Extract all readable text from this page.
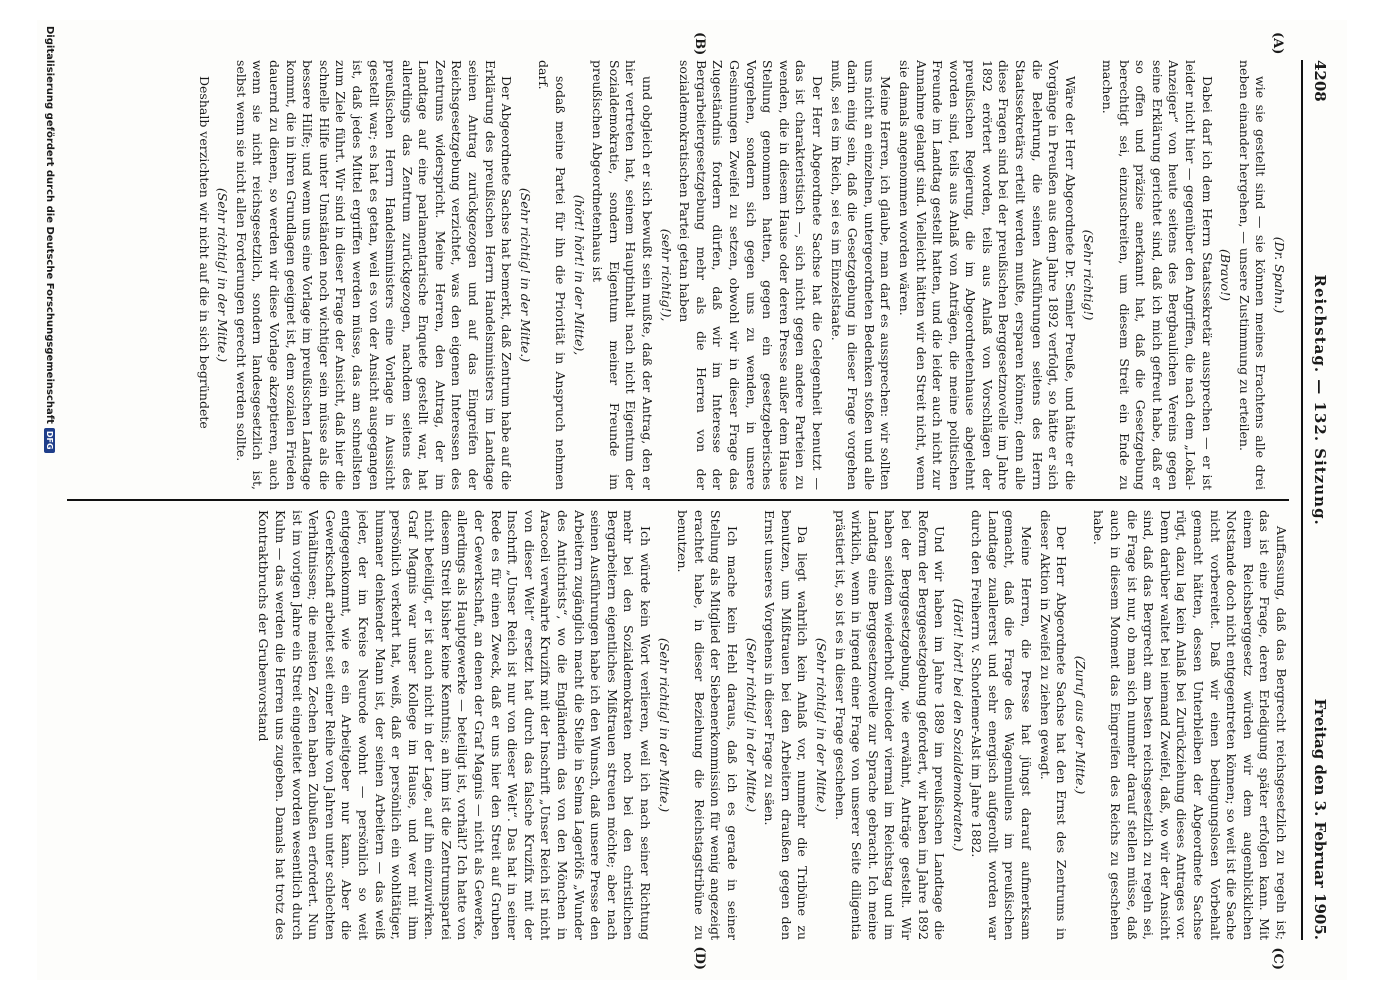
4208
Reichstag. — 132. Sitzung.
Freitag den 3. Februar 1905.
(A)
(B)
(C)
(D)

(Dr. Spahn.)

wie sie gestellt sind — sie können meines Erachtens alle drei neben einander hergehen, — unsere Zustimmung zu erteilen.

(Bravo!)

Dabei darf ich dem Herrn Staatssekretär aussprechen — er ist leider nicht hier — gegenüber den Angriffen, die nach dem „Lokal-Anzeiger“ von heute seitens des Bergbaulichen Vereins gegen seine Erklärung gerichtet sind, daß ich mich gefreut habe, daß er so offen und präzise anerkannt hat, daß die Gesetzgebung berechtigt sei, einzuschreiten, um diesem Streit ein Ende zu machen.

(Sehr richtig!)

Wäre der Herr Abgeordnete Dr. Semler Preuße, und hätte er die Vorgänge in Preußen aus dem Jahre 1892 verfolgt, so hätte er sich die Belehrung, die seinen Ausführungen seitens des Herrn Staatssekretärs erteilt werden mußte, ersparen können; denn alle diese Fragen sind bei der preußischen Berggesetznovelle im Jahre 1892 erörtert worden, teils aus Anlaß von Vorschlägen der preußischen Regierung, die im Abgeordnetenhause abgelehnt worden sind, teils aus Anlaß von Anträgen, die meine politischen Freunde im Landtag gestellt hatten, und die leider auch nicht zur Annahme gelangt sind. Vielleicht hätten wir den Streit nicht, wenn sie damals angenommen worden wären.

Meine Herren, ich glaube, man darf es aussprechen: wir sollten uns nicht an einzelnen, untergeordneten Bedenken stoßen und alle darin einig sein, daß die Gesetzgebung in dieser Frage vorgehen muß, sei es im Reich, sei es im Einzelstaate.

Der Herr Abgeordnete Sachse hat die Gelegenheit benutzt — das ist charakteristisch —, sich nicht gegen andere Parteien zu wenden, die in diesem Hause oder deren Presse außer dem Hause Stellung genommen hatten, gegen ein gesetzgeberisches Vorgehen, sondern sich gegen uns zu wenden, in unsere Gesinnungen Zweifel zu setzen, obwohl wir in dieser Frage das Zugeständnis fordern dürfen, daß wir im Interesse der Bergarbeitergesetzgebung mehr als die Herren von der sozialdemokratischen Partei getan haben

(sehr richtig!),

und obgleich er sich bewußt sein mußte, daß der Antrag, den er hier vertreten hat, seinem Hauptinhalt nach nicht Eigentum der Sozialdemokratie, sondern Eigentum meiner Freunde im preußischen Abgeordnetenhaus ist

(hört! hört! in der Mitte),

sodaß meine Partei für ihn die Priorität in Anspruch nehmen darf.

(Sehr richtig! in der Mitte.)

Der Abgeordnete Sachse hat bemerkt, daß Zentrum habe auf die Erklärung des preußischen Herrn Handelsministers im Landtage seinen Antrag zurückgezogen und auf das Eingreifen der Reichsgesetzgebung verzichtet, was den eigenen Interessen des Zentrums widerspricht. Meine Herren, den Antrag, der im Landtage auf eine parlamentarische Enquete gestellt war, hat allerdings das Zentrum zurückgezogen, nachdem seitens des preußischen Herrn Handelsministers eine Vorlage in Aussicht gestellt war; es hat es getan, weil es von der Ansicht ausgegangen ist, daß jedes Mittel ergriffen werden müsse, das am schnellsten zum Ziele führt. Wir sind in dieser Frage der Ansicht, daß hier die schnelle Hilfe unter Umständen noch wichtiger sein müsse als die bessere Hilfe; und wenn uns eine Vorlage im preußischen Landtage kommt, die in ihren Grundlagen geeignet ist, dem sozialen Frieden dauernd zu dienen, so werden wir diese Vorlage akzeptieren, auch wenn sie nicht reichsgesetzlich, sondern landesgesetzlich ist, selbst wenn sie nicht allen Forderungen gerecht werden sollte.

(Sehr richtig! in der Mitte.)

Deshalb verzichten wir nicht auf die in sich begründete

Auffassung, daß das Bergrecht reichsgesetzlich zu regeln ist; das ist eine Frage, deren Erledigung später erfolgen kann. Mit einem Reichsberggesetz würden wir dem augenblicklichen Notstande doch nicht entgegentreten können; so weit ist die Sache nicht vorbereitet. Daß wir einen bedingungslosen Vorbehalt gemacht hätten, dessen Unterbleiben der Abgeordnete Sachse rügt, dazu lag kein Anlaß bei Zurückziehung dieses Antrages vor. Denn darüber waltet bei niemand Zweifel, daß, wo wir der Ansicht sind, daß das Bergrecht am besten reichsgesetzlich zu regeln sei, die Frage ist nur, ob man sich nunmehr darauf stellen müsse, daß auch in diesem Moment das Eingreifen des Reichs zu geschehen habe.

(Zuruf aus der Mitte.)

Der Herr Abgeordnete Sachse hat den Ernst des Zentrums in dieser Aktion in Zweifel zu ziehen gewagt.

Meine Herren, die Presse hat jüngst darauf aufmerksam gemacht, daß die Frage des Wagennullens im preußischen Landtage zuallererst und sehr energisch aufgerollt worden war durch den Freiherrn v. Schorlemer-Alst im Jahre 1882.

(Hört! hört! bei den Sozialdemokraten.)

Und wir haben im Jahre 1889 im preußischen Landtage die Reform der Berggesetzgebung gefordert, wir haben im Jahre 1892 bei der Berggesetzgebung, wie erwähnt, Anträge gestellt. Wir haben seitdem wiederholt dreioder viermal im Reichstag und im Landtag eine Berggesetznovelle zur Sprache gebracht. Ich meine wirklich, wenn in irgend einer Frage von unserer Seite diligentia prästiert ist, so ist es in dieser Frage geschehen.

(Sehr richtig! in der Mitte.)

Da liegt wahrlich kein Anlaß vor, nunmehr die Tribüne zu benutzen, um Mißtrauen bei den Arbeitern draußen gegen den Ernst unseres Vorgehens in dieser Frage zu säen.

(Sehr richtig! in der Mitte.)

Ich mache kein Hehl daraus, daß ich es gerade in seiner Stellung als Mitglied der Siebenerkommission für wenig angezeigt erachtet habe, in dieser Beziehung die Reichstagstribüne zu benutzen.

(Sehr richtig! in der Mitte.)

Ich würde kein Wort verlieren, weil ich nach seiner Richtung mehr bei den Sozialdemokraten noch bei den christlichen Bergarbeitern eigentliches Mißtrauen streuen möchte; aber nach seinen Ausführungen habe ich den Wunsch, daß unsere Presse den Arbeitern zugänglich macht die Stelle in Selma Lagerlöfs „Wunder des Antichrists“, wo die Engländerin das von den Mönchen in Aracoeli verwahrte Kruzifix mit der Inschrift „Unser Reich ist nicht von dieser Welt“ ersetzt hat durch das falsche Kruzifix mit der Inschrift „Unser Reich ist nur von dieser Welt“. Das hat in seiner Rede es für einen Zweck, daß er uns hier den Streit auf Gruben der Gewerkschaft, an denen der Graf Magnis — nicht als Gewerke, allerdings als Hauptgewerke — beteiligt ist, vorhält? Ich hatte von diesem Streit bisher keine Kenntnis; an ihm ist die Zentrumspartei nicht beteiligt, er ist auch nicht in der Lage, auf ihn einzuwirken. Graf Magnis war unser Kollege im Hause, und wer mit ihm persönlich verkehrt hat, weiß, daß er persönlich ein wohltätiger, humaner denkender Mann ist, der seinen Arbeitern — das weiß jeder, der im Kreise Neurode wohnt — persönlich so weit entgegenkommt, wie es ein Arbeitgeber nur kann. Aber die Gewerkschaft arbeitet seit einer Reihe von Jahren unter schlechten Verhältnissen; die meisten Zechen haben Zubußen erfordert. Nun ist im vorigen Jahre ein Streit eingeleitet worden wesentlich durch Kuhn — das werden die Herren uns zugeben. Damals hat trotz des Kontraktbruchs der Grubenvorstand

Digitalisierung gefördert durch die Deutsche Forschungsgemeinschaft
DFG
